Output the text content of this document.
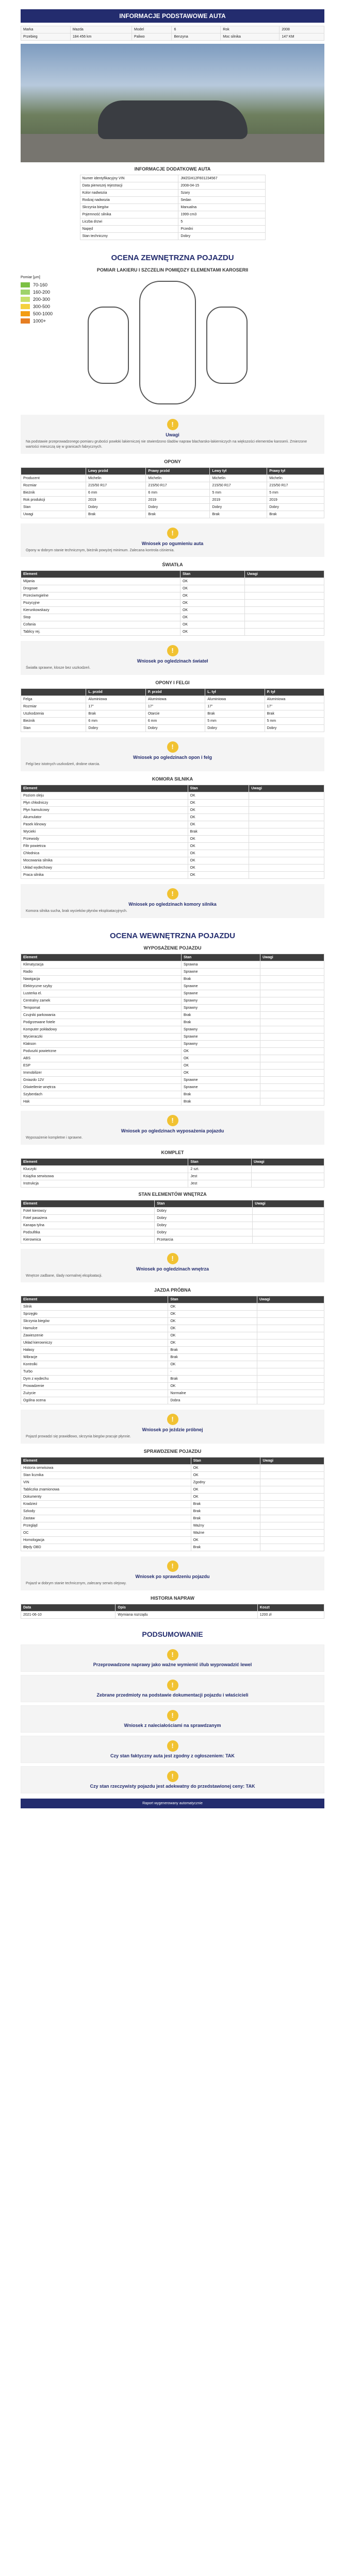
INFORMACJE PODSTAWOWE AUTA
Marka	Mazda	Model	6	Rok	2008
Przebieg	184 456 km	Paliwo	Benzyna	Moc silnika	147 KM
INFORMACJE DODATKOWE AUTA
Numer identyfikacyjny VIN	JMZGH12F601234567
Data pierwszej rejestracji	2008-04-15
Kolor nadwozia	Szary
Rodzaj nadwozia	Sedan
Skrzynia biegów	Manualna
Pojemność silnika	1999 cm3
Liczba drzwi	5
Napęd	Przedni
Stan techniczny	Dobry
OCENA ZEWNĘTRZNA POJAZDU
POMIAR LAKIERU I SZCZELIN POMIĘDZY ELEMENTAMI KAROSERII
Pomiar [µm]
70-160
160-200
200-300
300-500
500-1000
1000+
!
Uwagi
Na podstawie przeprowadzonego pomiaru grubości powłoki lakierniczej nie stwierdzono śladów napraw blacharsko-lakierniczych na większości elementów karoserii. Zmierzone wartości mieszczą się w granicach fabrycznych.
OPONY
	Lewy przód	Prawy przód	Lewy tył	Prawy tył
Producent	Michelin	Michelin	Michelin	Michelin
Rozmiar	215/50 R17	215/50 R17	215/50 R17	215/50 R17
Bieżnik	6 mm	6 mm	5 mm	5 mm
Rok produkcji	2019	2019	2019	2019
Stan	Dobry	Dobry	Dobry	Dobry
Uwagi	Brak	Brak	Brak	Brak
!
Wniosek po ogumieniu auta
Opony w dobrym stanie technicznym, bieżnik powyżej minimum. Zalecana kontrola ciśnienia.
ŚWIATŁA
Element	Stan	Uwagi
Mijania	OK	
Drogowe	OK	
Przeciwmgielne	OK	
Pozycyjne	OK	
Kierunkowskazy	OK	
Stop	OK	
Cofania	OK	
Tablicy rej.	OK	
!
Wniosek po ogledzinach świateł
Światła sprawne, klosze bez uszkodzeń.
OPONY I FELGI
	L. przód	P. przód	L. tył	P. tył
Felga	Aluminiowa	Aluminiowa	Aluminiowa	Aluminiowa
Rozmiar	17"	17"	17"	17"
Uszkodzenia	Brak	Otarcie	Brak	Brak
Bieżnik	6 mm	6 mm	5 mm	5 mm
Stan	Dobry	Dobry	Dobry	Dobry
!
Wniosek po ogledzinach opon i felg
Felgi bez istotnych uszkodzeń, drobne otarcia.
KOMORA SILNIKA
Element	Stan	Uwagi
Poziom oleju	OK	
Płyn chłodniczy	OK	
Płyn hamulcowy	OK	
Akumulator	OK	
Pasek klinowy	OK	
Wycieki	Brak	
Przewody	OK	
Filtr powietrza	OK	
Chłodnica	OK	
Mocowania silnika	OK	
Układ wydechowy	OK	
Praca silnika	OK	
!
Wniosek po ogledzinach komory silnika
Komora silnika sucha, brak wycieków płynów eksploatacyjnych.
OCENA WEWNĘTRZNA POJAZDU
WYPOSAŻENIE POJAZDU
Element	Stan	Uwagi
Klimatyzacja	Sprawna	
Radio	Sprawne	
Nawigacja	Brak	
Elektryczne szyby	Sprawne	
Lusterka el.	Sprawne	
Centralny zamek	Sprawny	
Tempomat	Sprawny	
Czujniki parkowania	Brak	
Podgrzewane fotele	Brak	
Komputer pokładowy	Sprawny	
Wycieraczki	Sprawne	
Klakson	Sprawny	
Poduszki powietrzne	OK	
ABS	OK	
ESP	OK	
Immobilizer	OK	
Gniazdo 12V	Sprawne	
Oświetlenie wnętrza	Sprawne	
Szyberdach	Brak	
Hak	Brak	
!
Wniosek po ogledzinach wyposażenia pojazdu
Wyposażenie kompletne i sprawne.
KOMPLET
Element	Stan	Uwagi
Kluczyki	2 szt.	
Książka serwisowa	Jest	
Instrukcja	Jest	
STAN ELEMENTÓW WNĘTRZA
Element	Stan	Uwagi
Fotel kierowcy	Dobry	
Fotel pasażera	Dobry	
Kanapa tylna	Dobry	
Podsufitka	Dobry	
Kierownica	Przetarcia	
!
Wniosek po ogledzinach wnętrza
Wnętrze zadbane, ślady normalnej eksploatacji.
JAZDA PRÓBNA
Element	Stan	Uwagi
Silnik	OK	
Sprzęgło	OK	
Skrzynia biegów	OK	
Hamulce	OK	
Zawieszenie	OK	
Układ kierowniczy	OK	
Hałasy	Brak	
Wibracje	Brak	
Kontrolki	OK	
Turbo	-	
Dym z wydechu	Brak	
Prowadzenie	OK	
Zużycie	Normalne	
Ogólna ocena	Dobra	
!
Wniosek po jeździe próbnej
Pojazd prowadzi się prawidłowo, skrzynia biegów pracuje płynnie.
SPRAWDZENIE POJAZDU
Element	Stan	Uwagi
Historia serwisowa	OK	
Stan licznika	OK	
VIN	Zgodny	
Tabliczka znamionowa	OK	
Dokumenty	OK	
Kradzież	Brak	
Szkody	Brak	
Zastaw	Brak	
Przegląd	Ważny	
OC	Ważne	
Homologacja	OK	
Błędy OBD	Brak	
!
Wniosek po sprawdzeniu pojazdu
Pojazd w dobrym stanie technicznym, zalecany serwis olejowy.
HISTORIA NAPRAW
Data	Opis	Koszt
2021-06-10	Wymiana rozrządu	1200 zł
PODSUMOWANIE
!
Przeprowadzone naprawy jako ważne wymienić i/lub wyprowadzić lewel
!
Zebrane przedmioty na podstawie dokumentacji pojazdu i właścicieli
!
Wniosek z naleciałościami na sprawdzanym
!
Czy stan faktyczny auta jest zgodny z ogłoszeniem: TAK
!
Czy stan rzeczywisty pojazdu jest adekwatny do przedstawionej ceny: TAK
Raport wygenerowany automatycznie
